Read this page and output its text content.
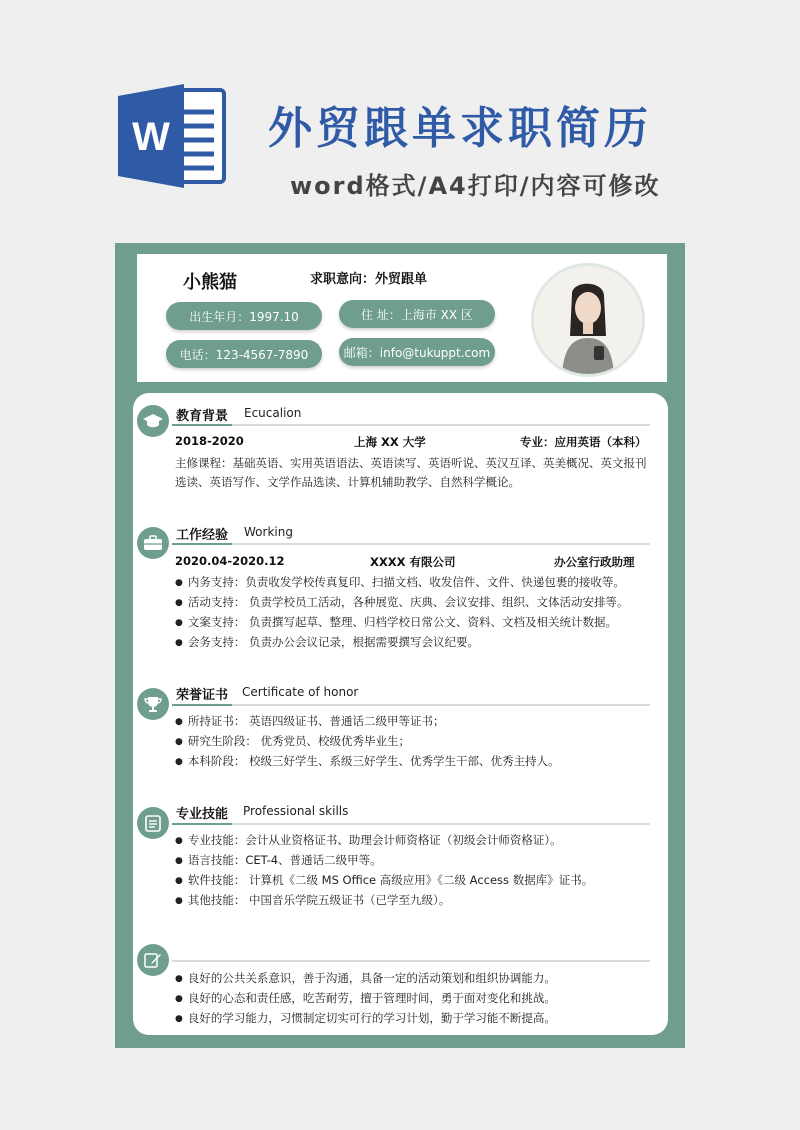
W 外贸跟单求职简历
word格式/A4打印/内容可修改
小熊猫	求职意向：外贸跟单
出生年月：1997.10	住 址：上海市 XX 区
电话：123-4567-7890	邮箱：info@tukuppt.com
教育背景 Ecucalion
2018-2020	上海 XX 大学	专业：应用英语（本科）
主修课程：基础英语、实用英语语法、英语读写、英语听说、英汉互译、英美概况、英文报刊
选读、英语写作、文学作品选读、计算机辅助教学、自然科学概论。
工作经验 Working
2020.04-2020.12	XXXX 有限公司	办公室行政助理
● 内务支持：负责收发学校传真复印、扫描文档、收发信件、文件、快递包裹的接收等。
● 活动支持： 负责学校员工活动，各种展览、庆典、会议安排、组织、文体活动安排等。
● 文案支持： 负责撰写起草、整理、归档学校日常公文、资料、文档及相关统计数据。
● 会务支持： 负责办公会议记录，根据需要撰写会议纪要。
荣誉证书 Certificate of honor
● 所持证书： 英语四级证书、普通话二级甲等证书；
● 研究生阶段： 优秀党员、校级优秀毕业生；
● 本科阶段： 校级三好学生、系级三好学生、优秀学生干部、优秀主持人。
专业技能 Professional skills
● 专业技能：会计从业资格证书、助理会计师资格证（初级会计师资格证）。
● 语言技能：CET-4、普通话二级甲等。
● 软件技能： 计算机《二级 MS Office 高级应用》《二级 Access 数据库》证书。
● 其他技能： 中国音乐学院五级证书（已学至九级）。
● 良好的公共关系意识，善于沟通，具备一定的活动策划和组织协调能力。
● 良好的心态和责任感，吃苦耐劳，擅于管理时间，勇于面对变化和挑战。
● 良好的学习能力，习惯制定切实可行的学习计划，勤于学习能不断提高。
